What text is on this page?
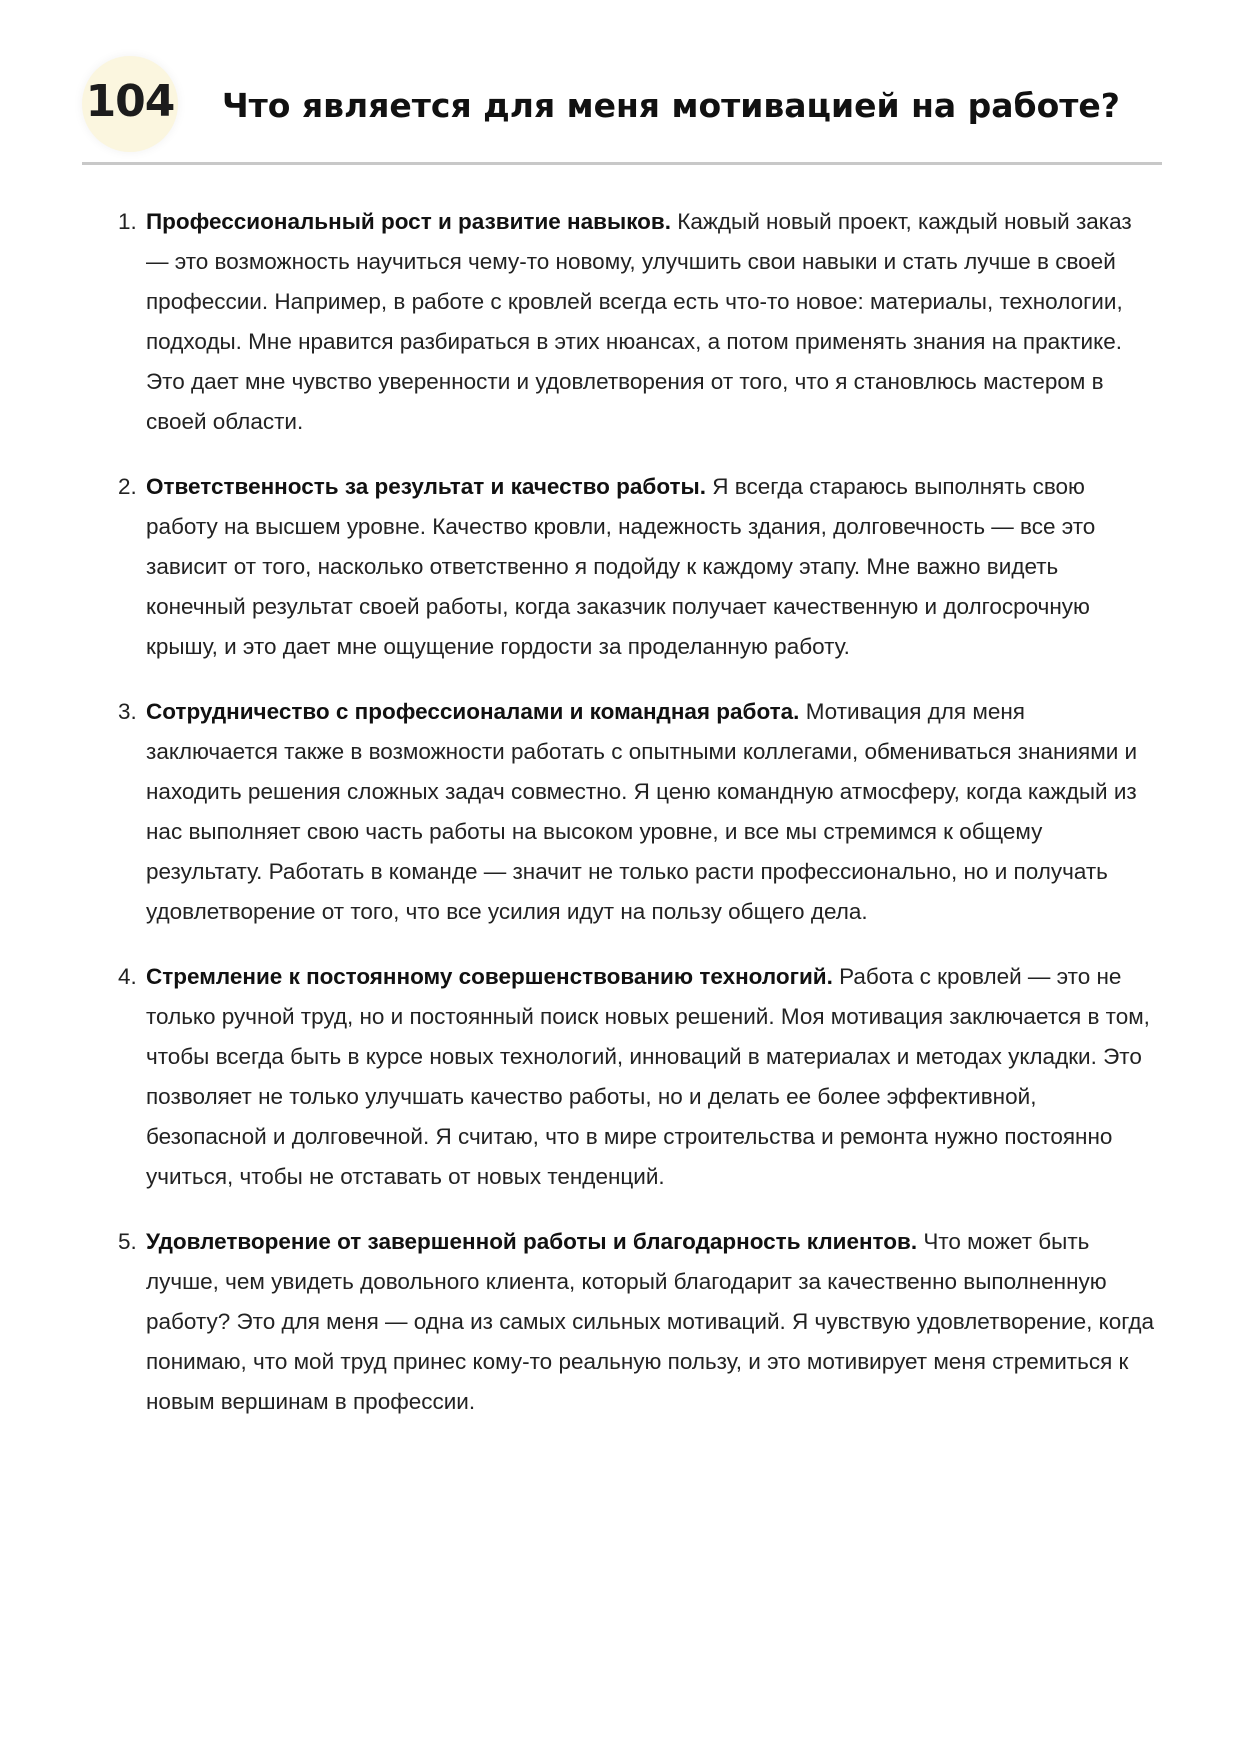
104 Что является для меня мотивацией на работе?
1. Профессиональный рост и развитие навыков. Каждый новый проект, каждый новый заказ — это возможность научиться чему-то новому, улучшить свои навыки и стать лучше в своей профессии. Например, в работе с кровлей всегда есть что-то новое: материалы, технологии, подходы. Мне нравится разбираться в этих нюансах, а потом применять знания на практике. Это дает мне чувство уверенности и удовлетворения от того, что я становлюсь мастером в своей области.
2. Ответственность за результат и качество работы. Я всегда стараюсь выполнять свою работу на высшем уровне. Качество кровли, надежность здания, долговечность — все это зависит от того, насколько ответственно я подойду к каждому этапу. Мне важно видеть конечный результат своей работы, когда заказчик получает качественную и долгосрочную крышу, и это дает мне ощущение гордости за проделанную работу.
3. Сотрудничество с профессионалами и командная работа. Мотивация для меня заключается также в возможности работать с опытными коллегами, обмениваться знаниями и находить решения сложных задач совместно. Я ценю командную атмосферу, когда каждый из нас выполняет свою часть работы на высоком уровне, и все мы стремимся к общему результату. Работать в команде — значит не только расти профессионально, но и получать удовлетворение от того, что все усилия идут на пользу общего дела.
4. Стремление к постоянному совершенствованию технологий. Работа с кровлей — это не только ручной труд, но и постоянный поиск новых решений. Моя мотивация заключается в том, чтобы всегда быть в курсе новых технологий, инноваций в материалах и методах укладки. Это позволяет не только улучшать качество работы, но и делать ее более эффективной, безопасной и долговечной. Я считаю, что в мире строительства и ремонта нужно постоянно учиться, чтобы не отставать от новых тенденций.
5. Удовлетворение от завершенной работы и благодарность клиентов. Что может быть лучше, чем увидеть довольного клиента, который благодарит за качественно выполненную работу? Это для меня — одна из самых сильных мотиваций. Я чувствую удовлетворение, когда понимаю, что мой труд принес кому-то реальную пользу, и это мотивирует меня стремиться к новым вершинам в профессии.
